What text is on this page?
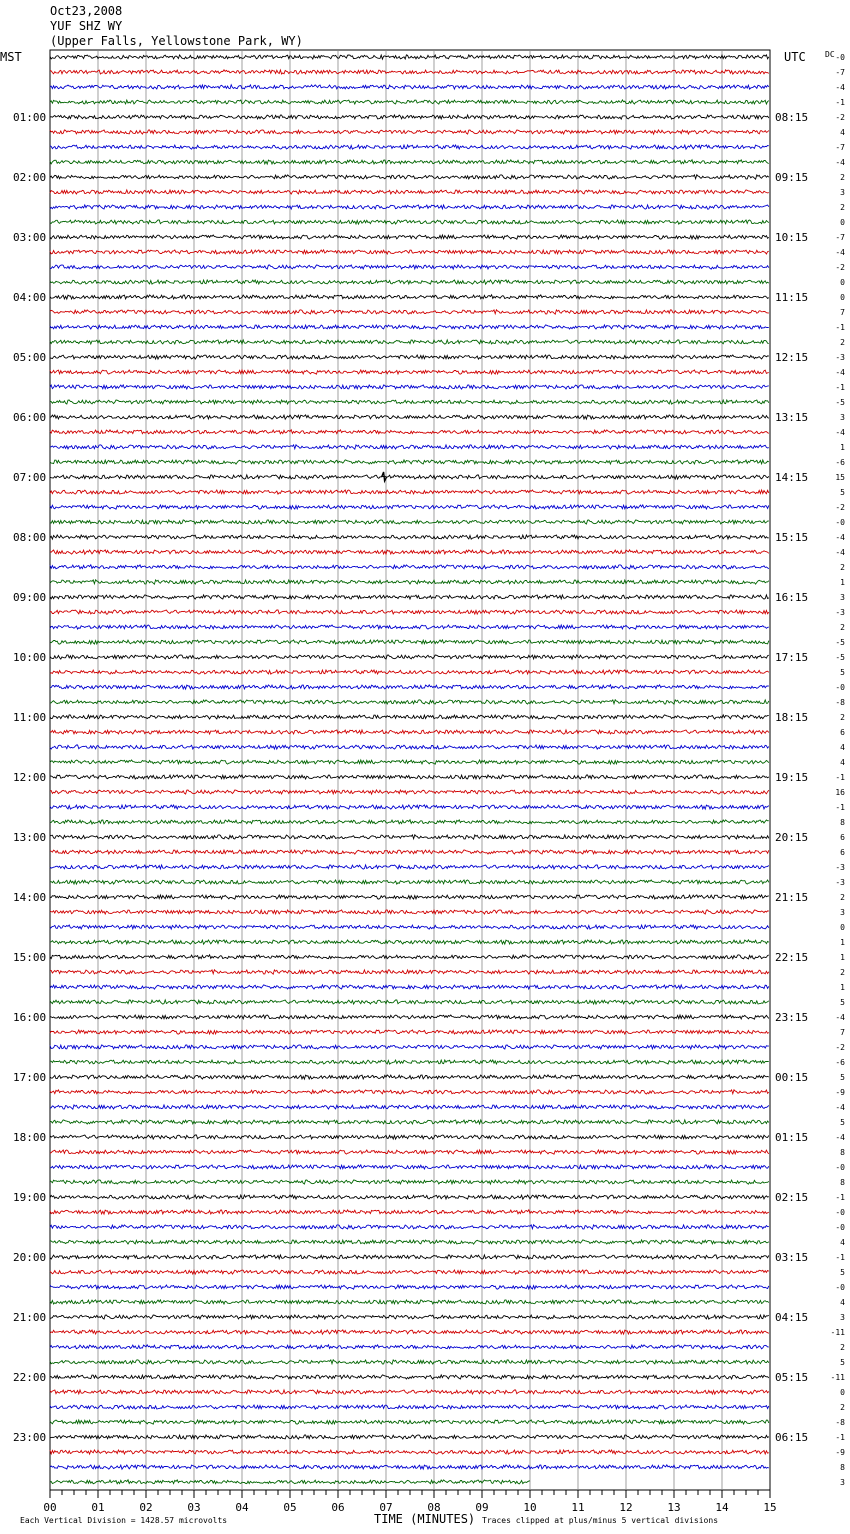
Oct23,2008
YUF SHZ WY
(Upper Falls, Yellowstone Park, WY)
MST	UTC DC
01:00
02:00
03:00
04:00
05:00
06:00
07:00
08:00
09:00
10:00
11:00
12:00
13:00
14:00
15:00
16:00
17:00
18:00
19:00
20:00
21:00
22:00
23:00
08:15
09:15
10:15
11:15
12:15
13:15
14:15
15:15
16:15
17:15
18:15
19:15
20:15
21:15
22:15
23:15
00:15
01:15
02:15
03:15
04:15
05:15
06:15
-0
-7
-4
-1
-2
4
-7
-4
2
3
2
0
-7
-4
-2
0
0
7
-1
2
-3
-4
-1
-5
3
-4
1
-6
15
5
-2
-0
-4
-4
2
1
3
-3
2
-5
-5
5
-0
-8
2
6
4
4
-1
16
-1
8
6
6
-3
-3
2
3
0
1
1
2
1
5
-4
7
-2
-6
5
-9
-4
5
-4
8
-0
8
-1
-0
-0
4
-1
5
-0
4
3
-11
2
5
-11
0
2
-8
-1
-9
8
3
00	01	02	03	04	05	06	07	08	09	10	11	12	13	14	15
TIME (MINUTES)
Each Vertical Division = 1428.57 microvolts	Traces clipped at plus/minus 5 vertical divisions
